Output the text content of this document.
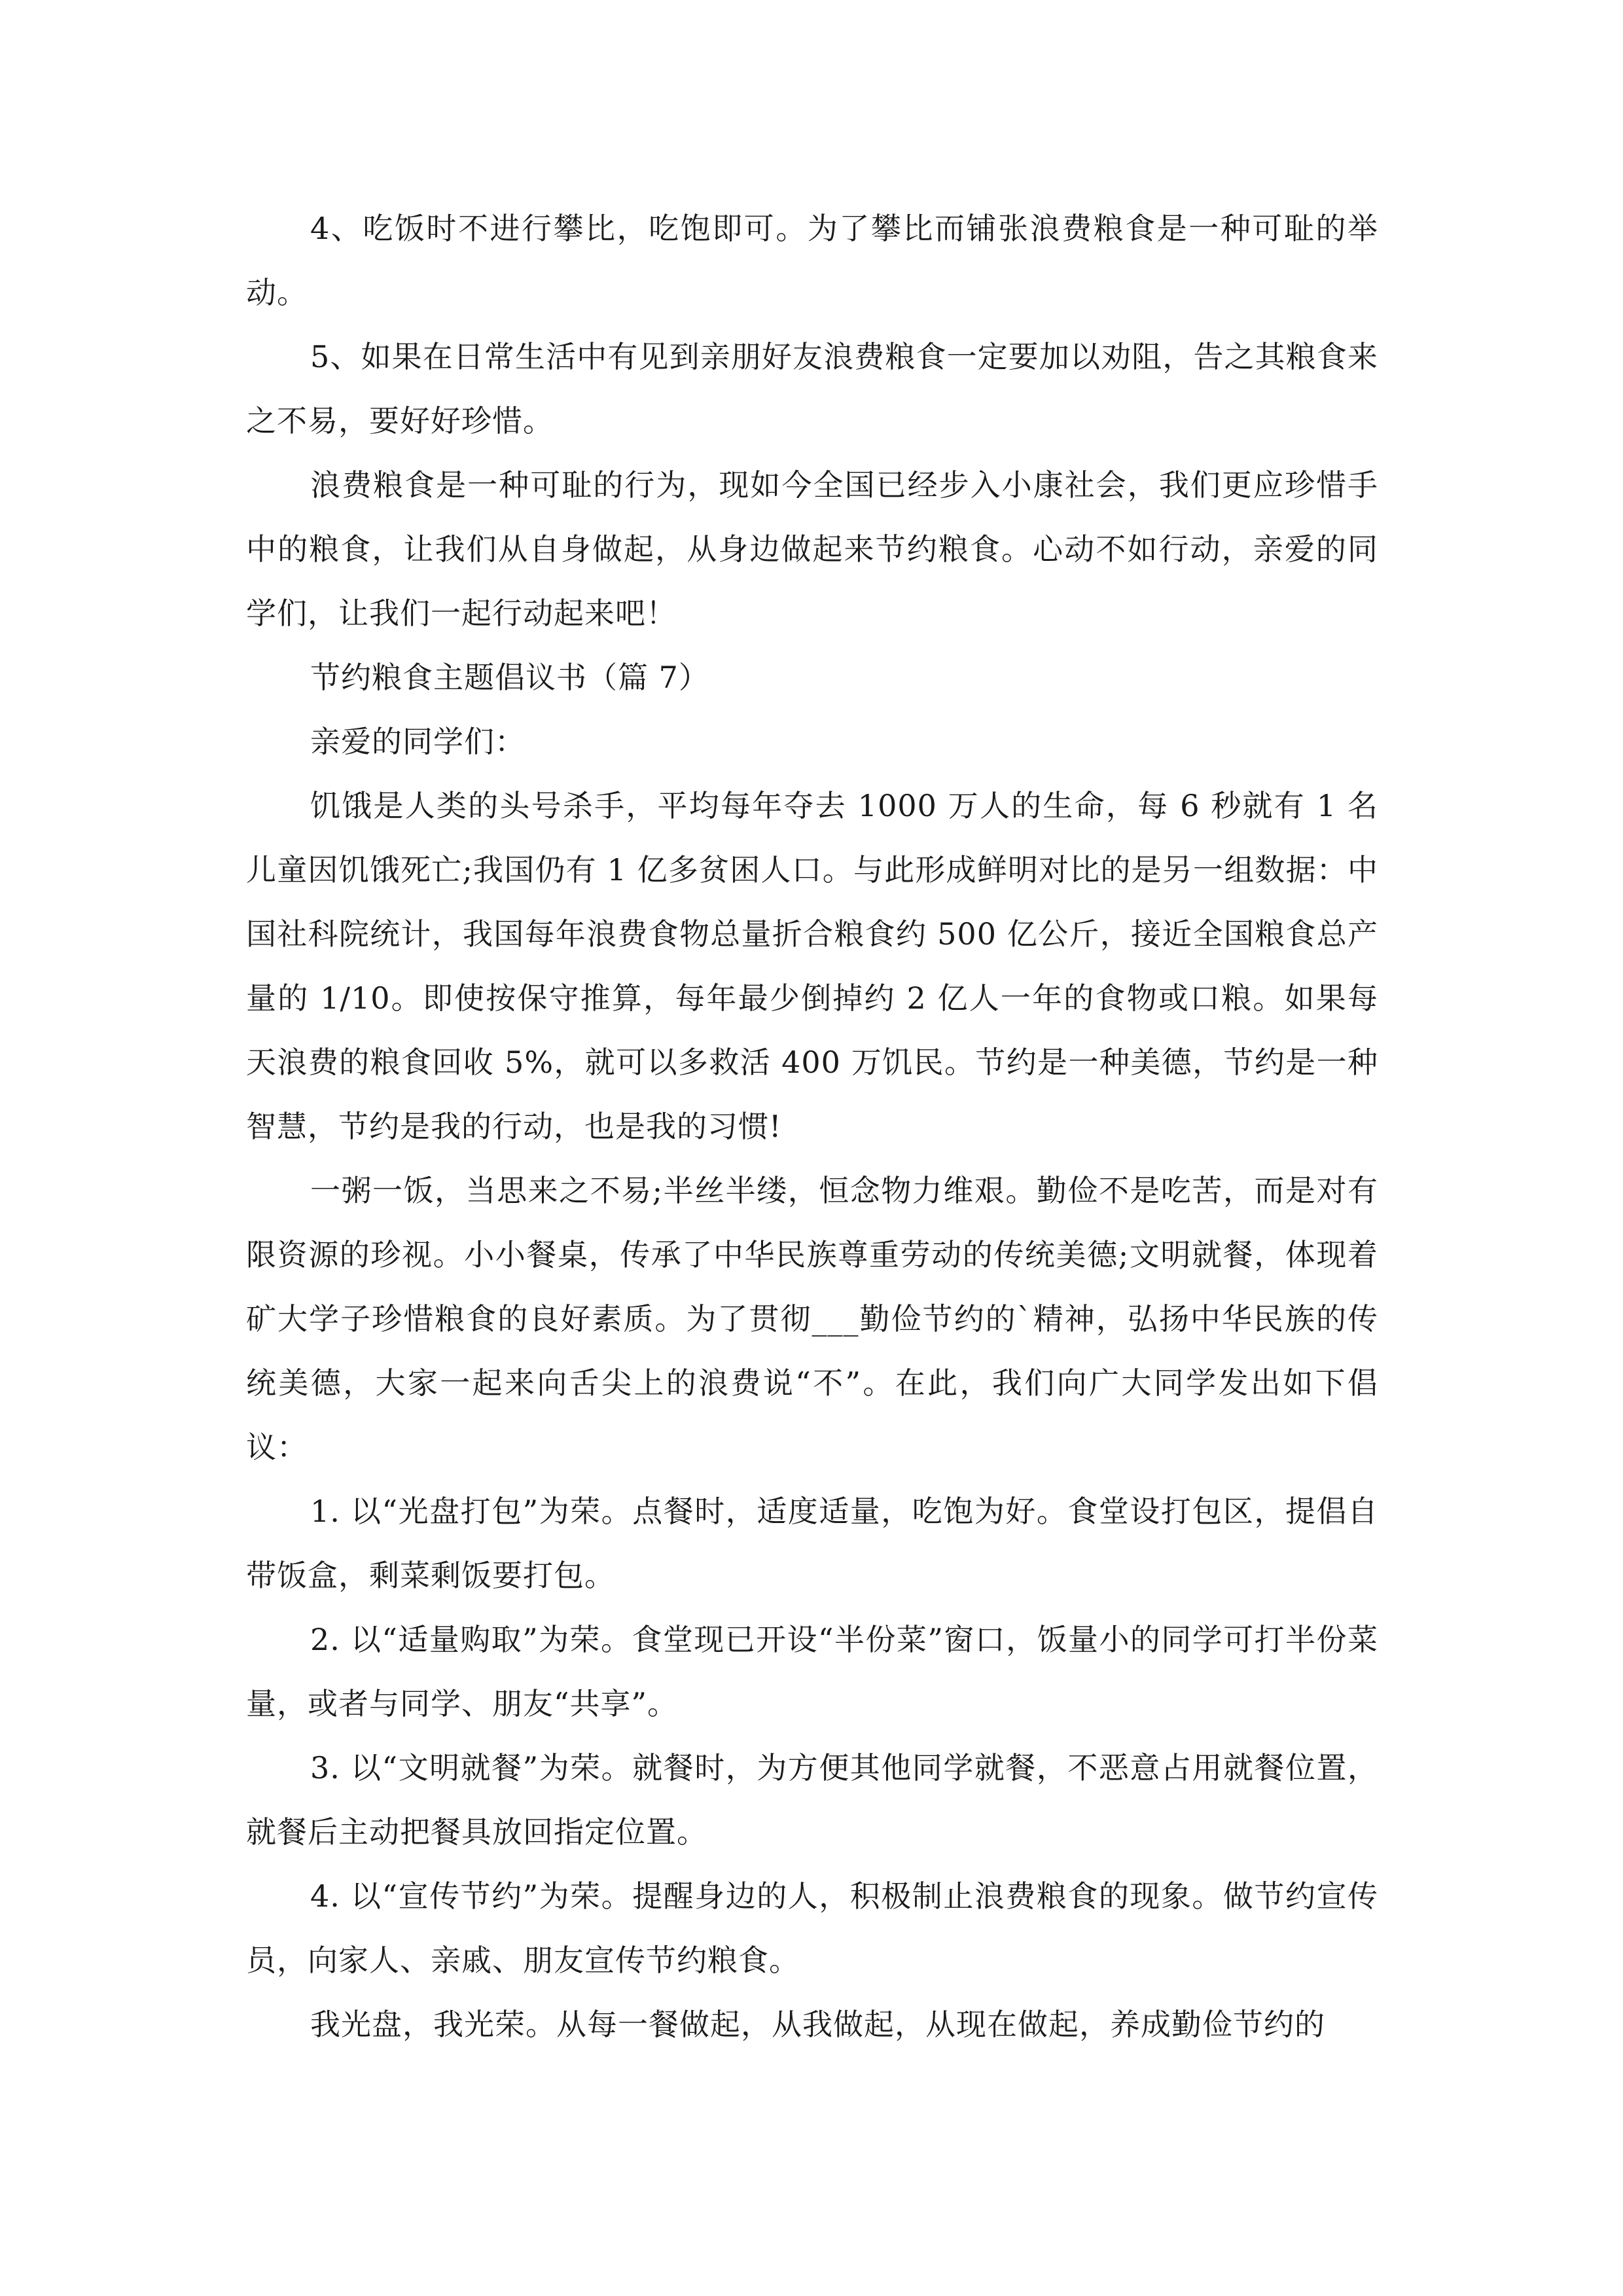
4、吃饭时不进行攀比，吃饱即可。为了攀比而铺张浪费粮食是一种可耻的举动。

5、如果在日常生活中有见到亲朋好友浪费粮食一定要加以劝阻，告之其粮食来之不易，要好好珍惜。

浪费粮食是一种可耻的行为，现如今全国已经步入小康社会，我们更应珍惜手中的粮食，让我们从自身做起，从身边做起来节约粮食。心动不如行动，亲爱的同学们，让我们一起行动起来吧！

节约粮食主题倡议书（篇 7）

亲爱的同学们：

饥饿是人类的头号杀手，平均每年夺去 1000 万人的生命，每 6 秒就有 1 名儿童因饥饿死亡;我国仍有 1 亿多贫困人口。与此形成鲜明对比的是另一组数据：中国社科院统计，我国每年浪费食物总量折合粮食约 500 亿公斤，接近全国粮食总产量的 1/10。即使按保守推算，每年最少倒掉约 2 亿人一年的食物或口粮。如果每天浪费的粮食回收 5%，就可以多救活 400 万饥民。节约是一种美德，节约是一种智慧，节约是我的行动，也是我的习惯!

一粥一饭，当思来之不易;半丝半缕，恒念物力维艰。勤俭不是吃苦，而是对有限资源的珍视。小小餐桌，传承了中华民族尊重劳动的传统美德;文明就餐，体现着矿大学子珍惜粮食的良好素质。为了贯彻___勤俭节约的`精神，弘扬中华民族的传统美德，大家一起来向舌尖上的浪费说“不”。在此，我们向广大同学发出如下倡议：

1. 以“光盘打包”为荣。点餐时，适度适量，吃饱为好。食堂设打包区，提倡自带饭盒，剩菜剩饭要打包。

2. 以“适量购取”为荣。食堂现已开设“半份菜”窗口，饭量小的同学可打半份菜量，或者与同学、朋友“共享”。

3. 以“文明就餐”为荣。就餐时，为方便其他同学就餐，不恶意占用就餐位置，就餐后主动把餐具放回指定位置。

4. 以“宣传节约”为荣。提醒身边的人，积极制止浪费粮食的现象。做节约宣传员，向家人、亲戚、朋友宣传节约粮食。

我光盘，我光荣。从每一餐做起，从我做起，从现在做起，养成勤俭节约的
